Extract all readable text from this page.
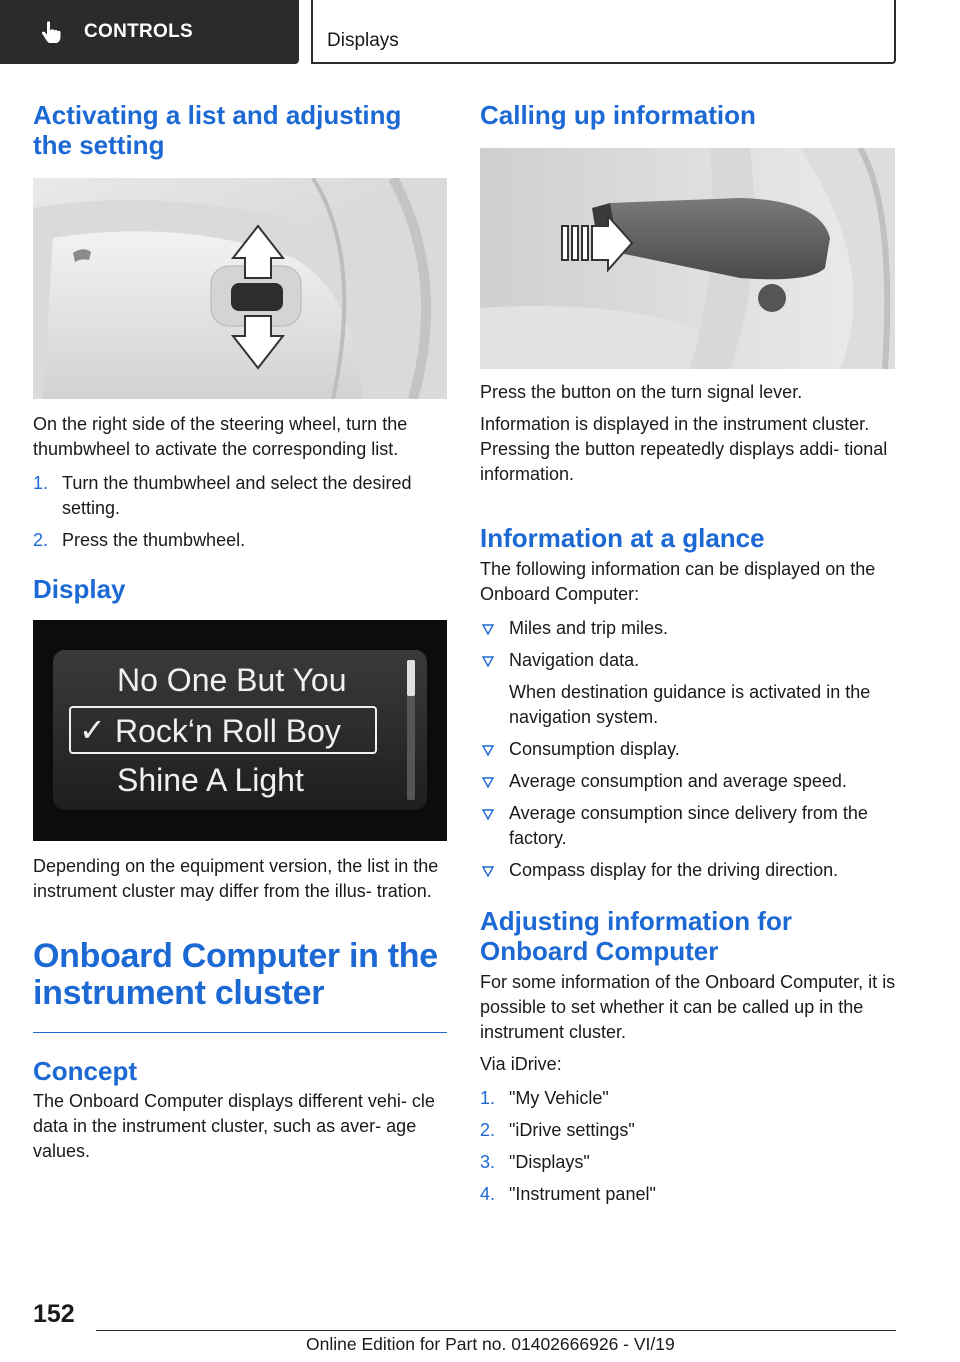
CONTROLS	Displays
Activating a list and adjusting the setting

On the right side of the steering wheel, turn the thumbwheel to activate the corresponding list.

1. Turn the thumbwheel and select the desired setting.
2. Press the thumbwheel.
Display
No One But You
✓ Rock‘n Roll Boy
Shine A Light

Depending on the equipment version, the list in the instrument cluster may differ from the illus- tration.

Onboard Computer in the instrument cluster
Concept

The Onboard Computer displays different vehi- cle data in the instrument cluster, such as aver- age values.

Calling up information

Press the button on the turn signal lever.

Information is displayed in the instrument cluster. Pressing the button repeatedly displays addi- tional information.

Information at a glance

The following information can be displayed on the Onboard Computer:

Miles and trip miles.
Navigation data.
When destination guidance is activated in the navigation system.
Consumption display.
Average consumption and average speed.
Average consumption since delivery from the factory.
Compass display for the driving direction.
Adjusting information for Onboard Computer

For some information of the Onboard Computer, it is possible to set whether it can be called up in the instrument cluster.

Via iDrive:

1. "My Vehicle"
2. "iDrive settings"
3. "Displays"
4. "Instrument panel"
152
Online Edition for Part no. 01402666926 - VI/19
